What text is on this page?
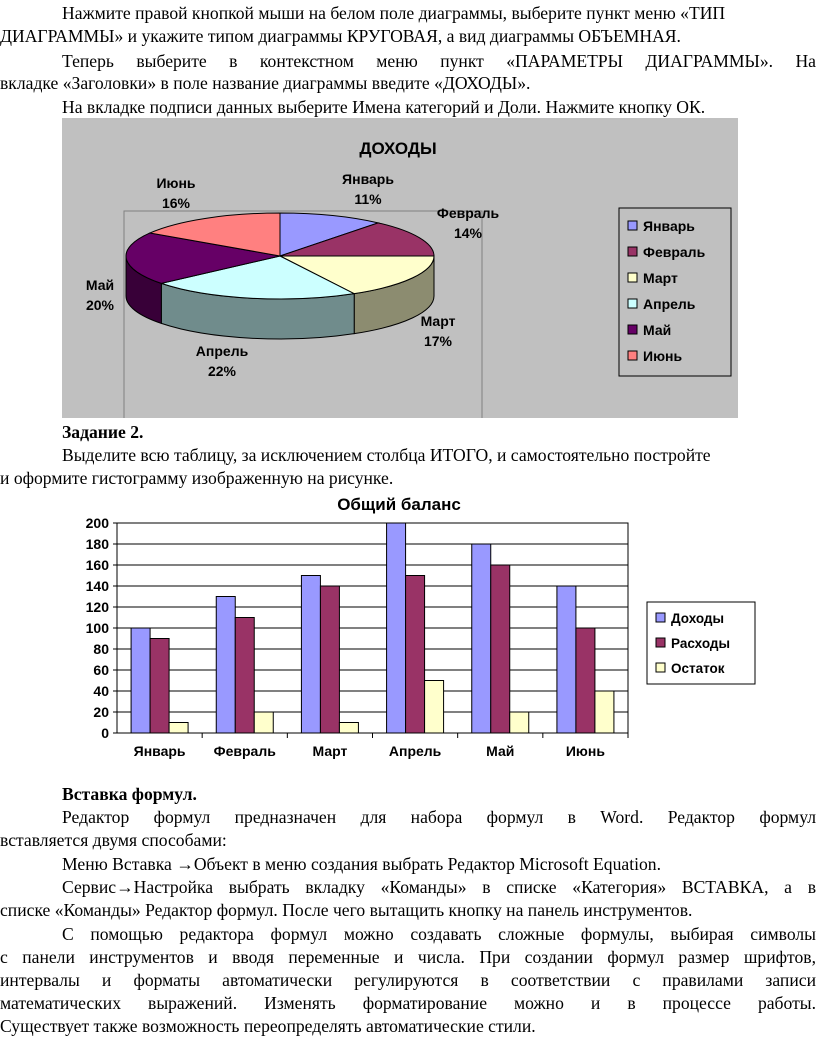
Нажмите правой кнопкой мыши на белом поле диаграммы, выберите пункт меню «ТИП
ДИАГРАММЫ» и укажите типом диаграммы КРУГОВАЯ, а вид диаграммы ОБЪЕМНАЯ.
Теперь выберите в контекстном меню пункт «ПАРАМЕТРЫ ДИАГРАММЫ». На
вкладке «Заголовки» в поле название диаграммы введите «ДОХОДЫ».
На вкладке подписи данных выберите Имена категорий и Доли. Нажмите кнопку ОК.
ДОХОДЫ
Январь 11%
Февраль 14%
Март 17%
Апрель 22%
Май 20%
Июнь 16%
Январь
Февраль
Март
Апрель
Май
Июнь
Задание 2.
Выделите всю таблицу, за исключением столбца ИТОГО, и самостоятельно постройте
и оформите гистограмму изображенную на рисунке.
Общий баланс
0
20
40
60
80
100
120
140
160
180
200
Январь Февраль	Март	Апрель	Май	Июнь
Доходы
Расходы
Остаток
Вставка формул.
Редактор формул предназначен для набора формул в Word. Редактор формул
вставляется двумя способами:
Меню Вставка →Объект в меню создания выбрать Редактор Microsoft Equation.
Сервис→Настройка выбрать вкладку «Команды» в списке «Категория» ВСТАВКА, а в
списке «Команды» Редактор формул. После чего вытащить кнопку на панель инструментов.
С помощью редактора формул можно создавать сложные формулы, выбирая символы
с панели инструментов и вводя переменные и числа. При создании формул размер шрифтов,
интервалы и форматы автоматически регулируются в соответствии с правилами записи
математических выражений. Изменять форматирование можно и в процессе работы.
Существует также возможность переопределять автоматические стили.
